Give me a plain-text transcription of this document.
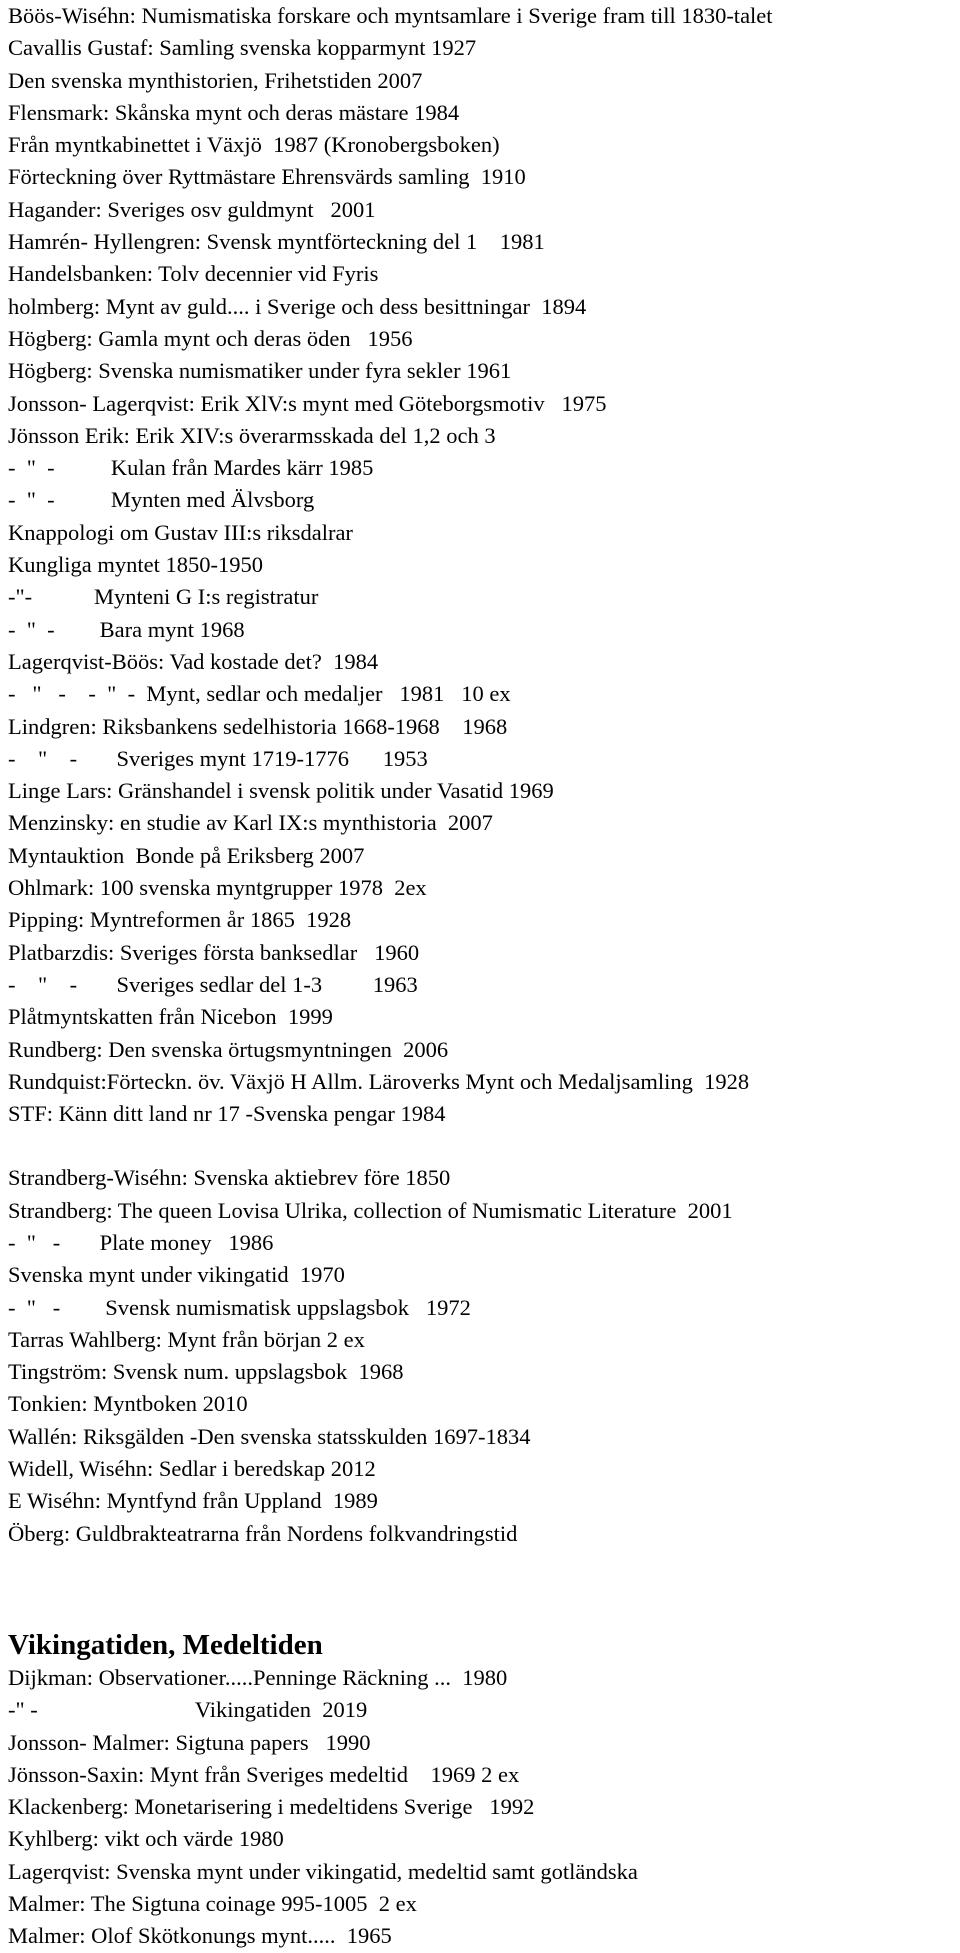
Böös-Wiséhn: Numismatiska forskare och myntsamlare i Sverige fram till 1830-talet
Cavallis Gustaf: Samling svenska kopparmynt 1927
Den svenska mynthistorien, Frihetstiden 2007
Flensmark: Skånska mynt och deras mästare 1984
Från myntkabinettet i Växjö  1987 (Kronobergsboken)
Förteckning över Ryttmästare Ehrensvärds samling  1910
Hagander: Sveriges osv guldmynt   2001
Hamrén- Hyllengren: Svensk myntförteckning del 1    1981
Handelsbanken: Tolv decennier vid Fyris
holmberg: Mynt av guld.... i Sverige och dess besittningar  1894
Högberg: Gamla mynt och deras öden   1956
Högberg: Svenska numismatiker under fyra sekler 1961
Jonsson- Lagerqvist: Erik XlV:s mynt med Göteborgsmotiv   1975
Jönsson Erik: Erik XIV:s överarmsskada del 1,2 och 3
-  "  -          Kulan från Mardes kärr 1985
-  "  -          Mynten med Älvsborg
Knappologi om Gustav III:s riksdalrar
Kungliga myntet 1850-1950
-"-           Mynteni G I:s registratur
-  "  -        Bara mynt 1968
Lagerqvist-Böös: Vad kostade det?  1984
-   "   -    -  "  -  Mynt, sedlar och medaljer   1981   10 ex
Lindgren: Riksbankens sedelhistoria 1668-1968    1968
-    "    -       Sveriges mynt 1719-1776      1953
Linge Lars: Gränshandel i svensk politik under Vasatid 1969
Menzinsky: en studie av Karl IX:s mynthistoria  2007
Myntauktion  Bonde på Eriksberg 2007
Ohlmark: 100 svenska myntgrupper 1978  2ex
Pipping: Myntreformen år 1865  1928
Platbarzdis: Sveriges första banksedlar   1960
-    "    -       Sveriges sedlar del 1-3         1963
Plåtmyntskatten från Nicebon  1999
Rundberg: Den svenska örtugsmyntningen  2006
Rundquist:Förteckn. öv. Växjö H Allm. Läroverks Mynt och Medaljsamling  1928
STF: Känn ditt land nr 17 -Svenska pengar 1984
Strandberg-Wiséhn: Svenska aktiebrev före 1850
Strandberg: The queen Lovisa Ulrika, collection of Numismatic Literature  2001
-  "   -       Plate money   1986
Svenska mynt under vikingatid  1970
-  "   -        Svensk numismatisk uppslagsbok   1972
Tarras Wahlberg: Mynt från början 2 ex
Tingström: Svensk num. uppslagsbok  1968
Tonkien: Myntboken 2010
Wallén: Riksgälden -Den svenska statsskulden 1697-1834
Widell, Wiséhn: Sedlar i beredskap 2012
E Wiséhn: Myntfynd från Uppland  1989
Öberg: Guldbrakteatrarna från Nordens folkvandringstid
Vikingatiden, Medeltiden
Dijkman: Observationer.....Penninge Räckning ...  1980
-" -                            Vikingatiden  2019
Jonsson- Malmer: Sigtuna papers   1990
Jönsson-Saxin: Mynt från Sveriges medeltid    1969 2 ex
Klackenberg: Monetarisering i medeltidens Sverige   1992
Kyhlberg: vikt och värde 1980
Lagerqvist: Svenska mynt under vikingatid, medeltid samt gotländska
Malmer: The Sigtuna coinage 995-1005  2 ex
Malmer: Olof Skötkonungs mynt.....  1965
